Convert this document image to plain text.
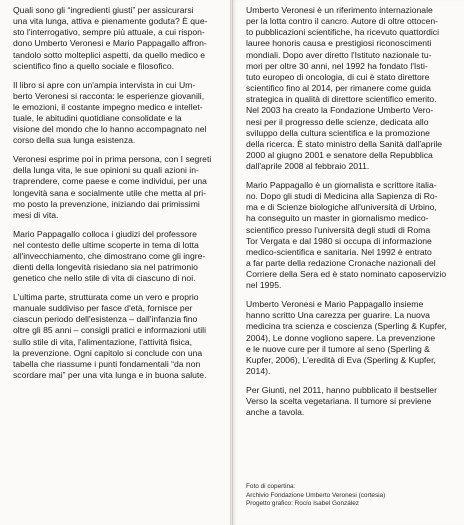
Quali sono gli “ingredienti giusti” per assicurarsi
una vita lunga, attiva e pienamente goduta? È que-
sto l'interrogativo, sempre più attuale, a cui rispon-
dono Umberto Veronesi e Mario Pappagallo affron-
tandolo sotto molteplici aspetti, da quello medico e
scientifico fino a quello sociale e filosofico.

Il libro si apre con un'ampia intervista in cui Um-
berto Veronesi si racconta: le esperienze giovanili,
le emozioni, il costante impegno medico e intellet-
tuale, le abitudini quotidiane consolidate e la
visione del mondo che lo hanno accompagnato nel
corso della sua lunga esistenza.

Veronesi esprime poi in prima persona, con I segreti
della lunga vita, le sue opinioni su quali azioni in-
traprendere, come paese e come individui, per una
longevità sana e socialmente utile che metta al pri-
mo posto la prevenzione, iniziando dai primissimi
mesi di vita.

Mario Pappagallo colloca i giudizi del professore
nel contesto delle ultime scoperte in tema di lotta
all'invecchiamento, che dimostrano come gli ingre-
dienti della longevità risiedano sia nel patrimonio
genetico che nello stile di vita di ciascuno di noi.

L'ultima parte, strutturata come un vero e proprio
manuale suddiviso per fasce d'età, fornisce per
ciascun periodo dell'esistenza – dall'infanzia fino
oltre gli 85 anni – consigli pratici e informazioni utili
sullo stile di vita, l'alimentazione, l'attività fisica,
la prevenzione. Ogni capitolo si conclude con una
tabella che riassume i punti fondamentali “da non
scordare mai” per una vita lunga e in buona salute.

Umberto Veronesi è un riferimento internazionale
per la lotta contro il cancro. Autore di oltre ottocen-
to pubblicazioni scientifiche, ha ricevuto quattordici
lauree honoris causa e prestigiosi riconoscimenti
mondiali. Dopo aver diretto l'Istituto nazionale tu-
mori per oltre 30 anni, nel 1992 ha fondato l'Isti-
tuto europeo di oncologia, di cui è stato direttore
scientifico fino al 2014, per rimanere come guida
strategica in qualità di direttore scientifico emerito.
Nel 2003 ha creato la Fondazione Umberto Vero-
nesi per il progresso delle scienze, dedicata allo
sviluppo della cultura scientifica e la promozione
della ricerca. È stato ministro della Sanità dall'aprile
2000 al giugno 2001 e senatore della Repubblica
dall'aprile 2008 al febbraio 2011.

Mario Pappagallo è un giornalista e scrittore italia-
no. Dopo gli studi di Medicina alla Sapienza di Ro-
ma e di Scienze biologiche all'università di Urbino,
ha conseguito un master in giornalismo medico-
scientifico presso l'università degli studi di Roma
Tor Vergata e dal 1980 si occupa di informazione
medico-scientifica e sanitaria. Nel 1992 è entrato
a far parte della redazione Cronache nazionali del
Corriere della Sera ed è stato nominato caposervizio
nel 1995.

Umberto Veronesi e Mario Pappagallo insieme
hanno scritto Una carezza per guarire. La nuova
medicina tra scienza e coscienza (Sperling & Kupfer,
2004), Le donne vogliono sapere. La prevenzione
e le nuove cure per il tumore al seno (Sperling &
Kupfer, 2006), L'eredità di Eva (Sperling & Kupfer,
2014).

Per Giunti, nel 2011, hanno pubblicato il bestseller
Verso la scelta vegetariana. Il tumore si previene
anche a tavola.

Foto di copertina:
Archivio Fondazione Umberto Veronesi (cortesia)
Progetto grafico: Rocío Isabel González
